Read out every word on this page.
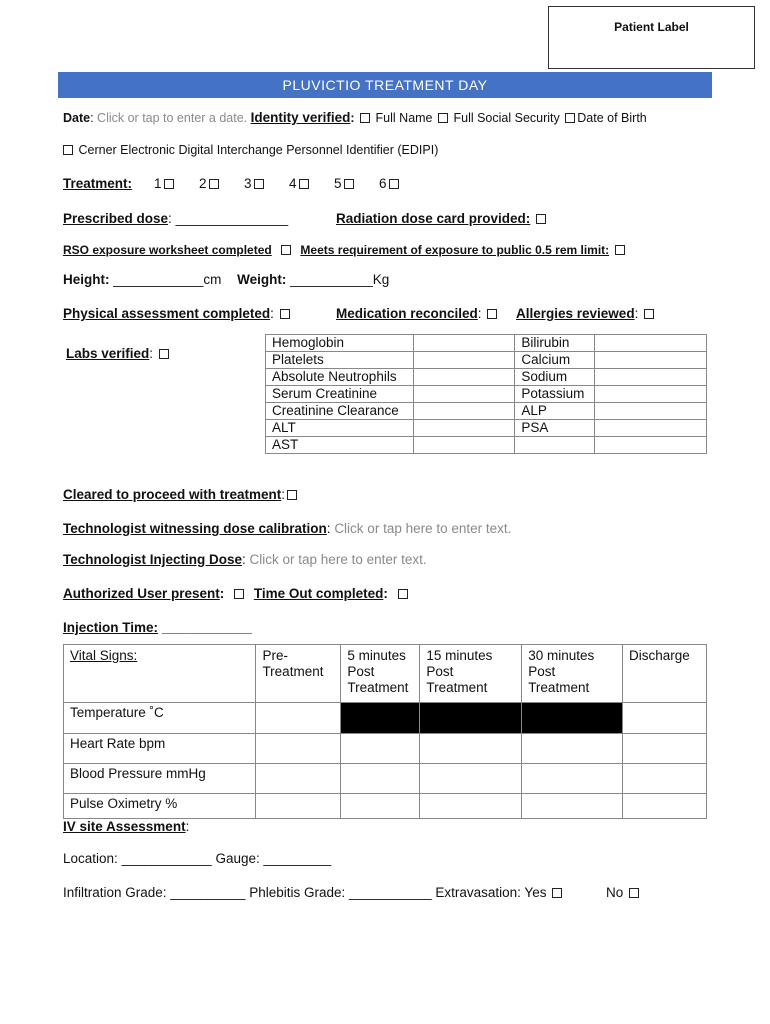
Patient Label
PLUVICTIO TREATMENT DAY
Date: Click or tap to enter a date. Identity verified: Full Name Full Social Security Date of Birth
Cerner Electronic Digital Interchange Personnel Identifier (EDIPI)
Treatment: 1	2	3	4	5	6
Prescribed dose: _______________	Radiation dose card provided:
RSO exposure worksheet completed Meets requirement of exposure to public 0.5 rem limit:
Height: ____________cm Weight: ___________Kg
Physical assessment completed:	Medication reconciled:	Allergies reviewed:
Labs verified:
Hemoglobin		Bilirubin	
Platelets		Calcium	
Absolute Neutrophils		Sodium	
Serum Creatinine		Potassium	
Creatinine Clearance		ALP	
ALT		PSA	
AST			
Cleared to proceed with treatment:
Technologist witnessing dose calibration: Click or tap here to enter text.
Technologist Injecting Dose: Click or tap here to enter text.
Authorized User present: Time Out completed:
Injection Time: ____________
Vital Signs:	Pre-
Treatment	5 minutes
Post
Treatment	15 minutes
Post
Treatment	30 minutes
Post
Treatment	Discharge
Temperature ˚C					
Heart Rate bpm					
Blood Pressure mmHg					
Pulse Oximetry %					
IV site Assessment:
Location: ____________ Gauge: _________
Infiltration Grade: __________ Phlebitis Grade: ___________ Extravasation: Yes	No
